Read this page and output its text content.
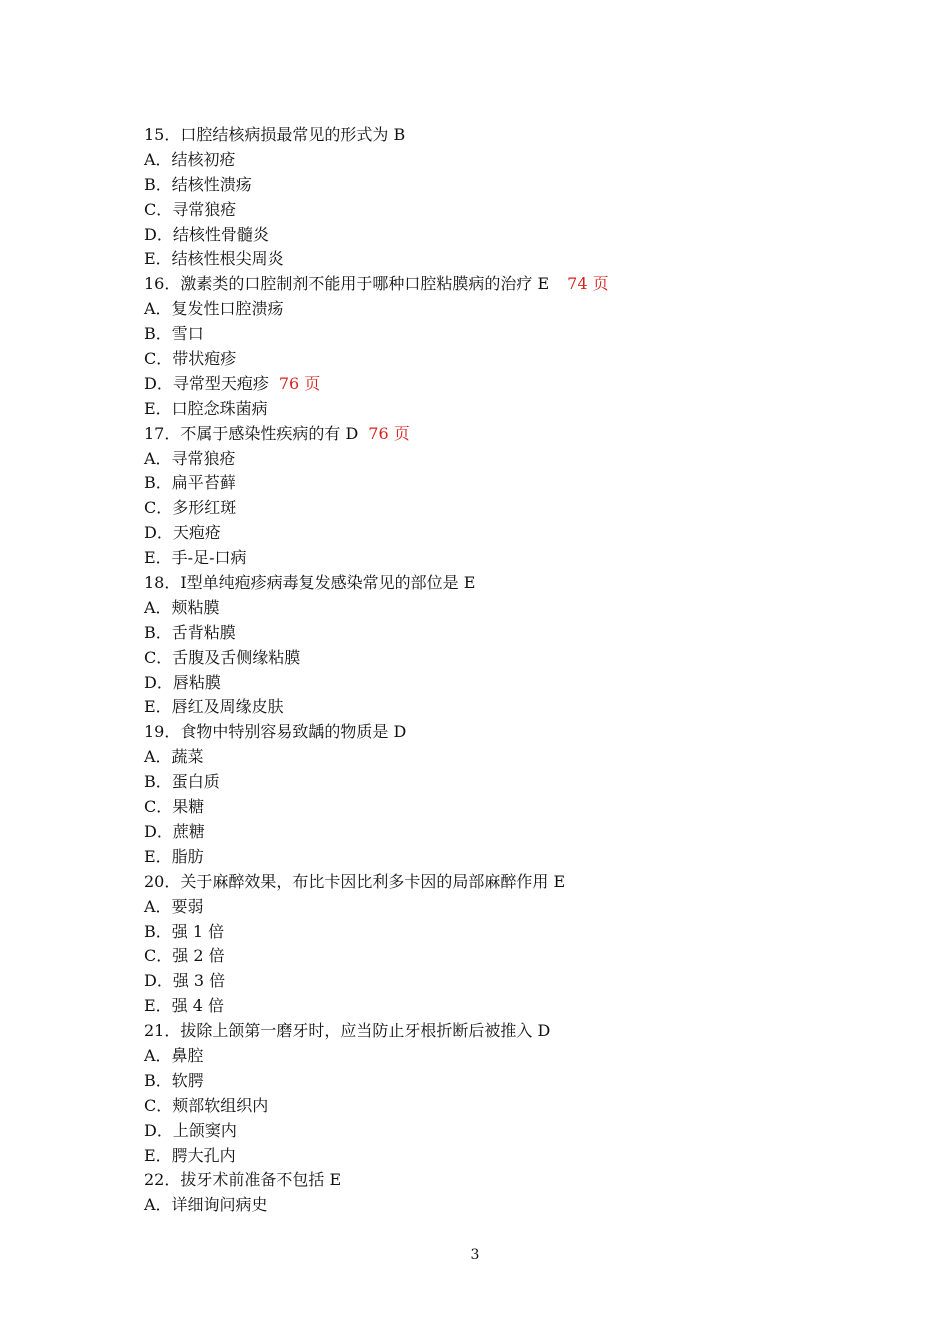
15．口腔结核病损最常见的形式为 B
A．结核初疮
B．结核性溃疡
C．寻常狼疮
D．结核性骨髓炎
E．结核性根尖周炎
16．激素类的口腔制剂不能用于哪种口腔粘膜病的治疗 E 74 页
A．复发性口腔溃疡
B．雪口
C．带状疱疹
D．寻常型天疱疹 76 页
E．口腔念珠菌病
17．不属于感染性疾病的有 D 76 页
A．寻常狼疮
B．扁平苔藓
C．多形红斑
D．天疱疮
E．手-足-口病
18．Ⅰ型单纯疱疹病毒复发感染常见的部位是 E
A．颊粘膜
B．舌背粘膜
C．舌腹及舌侧缘粘膜
D．唇粘膜
E．唇红及周缘皮肤
19．食物中特别容易致龋的物质是 D
A．蔬菜
B．蛋白质
C．果糖
D．蔗糖
E．脂肪
20．关于麻醉效果，布比卡因比利多卡因的局部麻醉作用 E
A．要弱
B．强 1 倍
C．强 2 倍
D．强 3 倍
E．强 4 倍
21．拔除上颌第一磨牙时，应当防止牙根折断后被推入 D
A．鼻腔
B．软腭
C．颊部软组织内
D．上颌窦内
E．腭大孔内
22．拔牙术前准备不包括 E
A．详细询问病史
3
